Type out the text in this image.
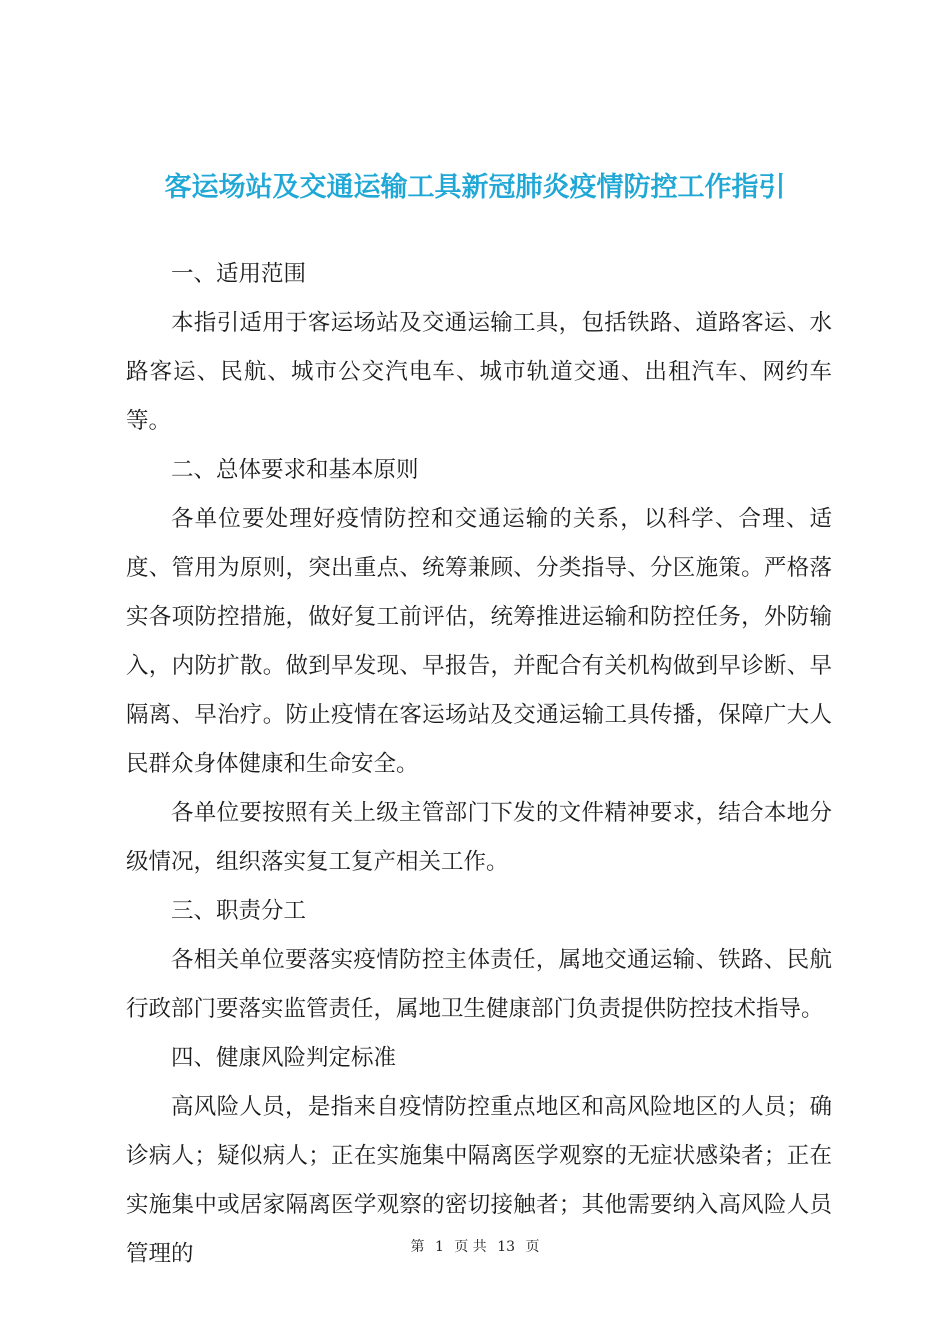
客运场站及交通运输工具新冠肺炎疫情防控工作指引

一、适用范围

本指引适用于客运场站及交通运输工具，包括铁路、道路客运、水路客运、民航、城市公交汽电车、城市轨道交通、出租汽车、网约车等。

二、总体要求和基本原则

各单位要处理好疫情防控和交通运输的关系，以科学、合理、适度、管用为原则，突出重点、统筹兼顾、分类指导、分区施策。严格落实各项防控措施，做好复工前评估，统筹推进运输和防控任务，外防输入，内防扩散。做到早发现、早报告，并配合有关机构做到早诊断、早隔离、早治疗。防止疫情在客运场站及交通运输工具传播，保障广大人民群众身体健康和生命安全。

各单位要按照有关上级主管部门下发的文件精神要求，结合本地分级情况，组织落实复工复产相关工作。

三、职责分工

各相关单位要落实疫情防控主体责任，属地交通运输、铁路、民航行政部门要落实监管责任，属地卫生健康部门负责提供防控技术指导。

四、健康风险判定标准

高风险人员，是指来自疫情防控重点地区和高风险地区的人员；确诊病人；疑似病人；正在实施集中隔离医学观察的无症状感染者；正在实施集中或居家隔离医学观察的密切接触者；其他需要纳入高风险人员管理的	第 1 页 共 13 页
